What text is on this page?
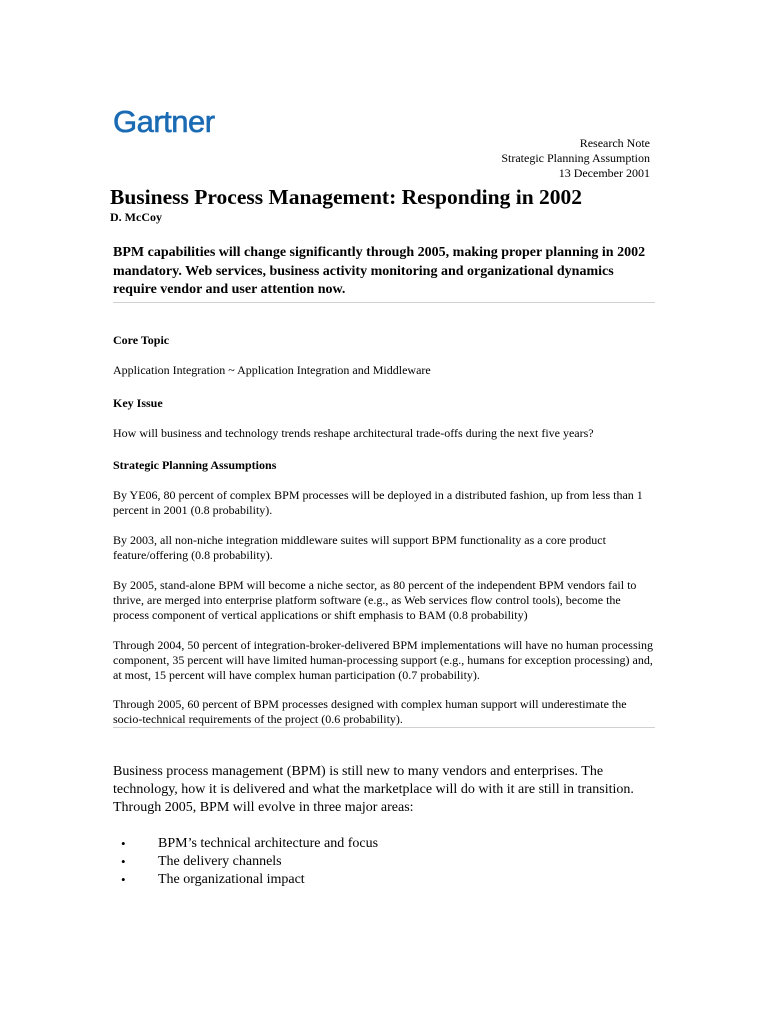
Gartner
Research Note
Strategic Planning Assumption
13 December 2001
Business Process Management: Responding in 2002
D. McCoy
BPM capabilities will change significantly through 2005, making proper planning in 2002 mandatory. Web services, business activity monitoring and organizational dynamics require vendor and user attention now.
Core Topic
Application Integration ~ Application Integration and Middleware
Key Issue
How will business and technology trends reshape architectural trade-offs during the next five years?
Strategic Planning Assumptions
By YE06, 80 percent of complex BPM processes will be deployed in a distributed fashion, up from less than 1 percent in 2001 (0.8 probability).
By 2003, all non-niche integration middleware suites will support BPM functionality as a core product feature/offering (0.8 probability).
By 2005, stand-alone BPM will become a niche sector, as 80 percent of the independent BPM vendors fail to thrive, are merged into enterprise platform software (e.g., as Web services flow control tools), become the process component of vertical applications or shift emphasis to BAM (0.8 probability)
Through 2004, 50 percent of integration-broker-delivered BPM implementations will have no human processing component, 35 percent will have limited human-processing support (e.g., humans for exception processing) and, at most, 15 percent will have complex human participation (0.7 probability).
Through 2005, 60 percent of BPM processes designed with complex human support will underestimate the socio-technical requirements of the project (0.6 probability).
Business process management (BPM) is still new to many vendors and enterprises. The technology, how it is delivered and what the marketplace will do with it are still in transition. Through 2005, BPM will evolve in three major areas:
• BPM’s technical architecture and focus
• The delivery channels
• The organizational impact
